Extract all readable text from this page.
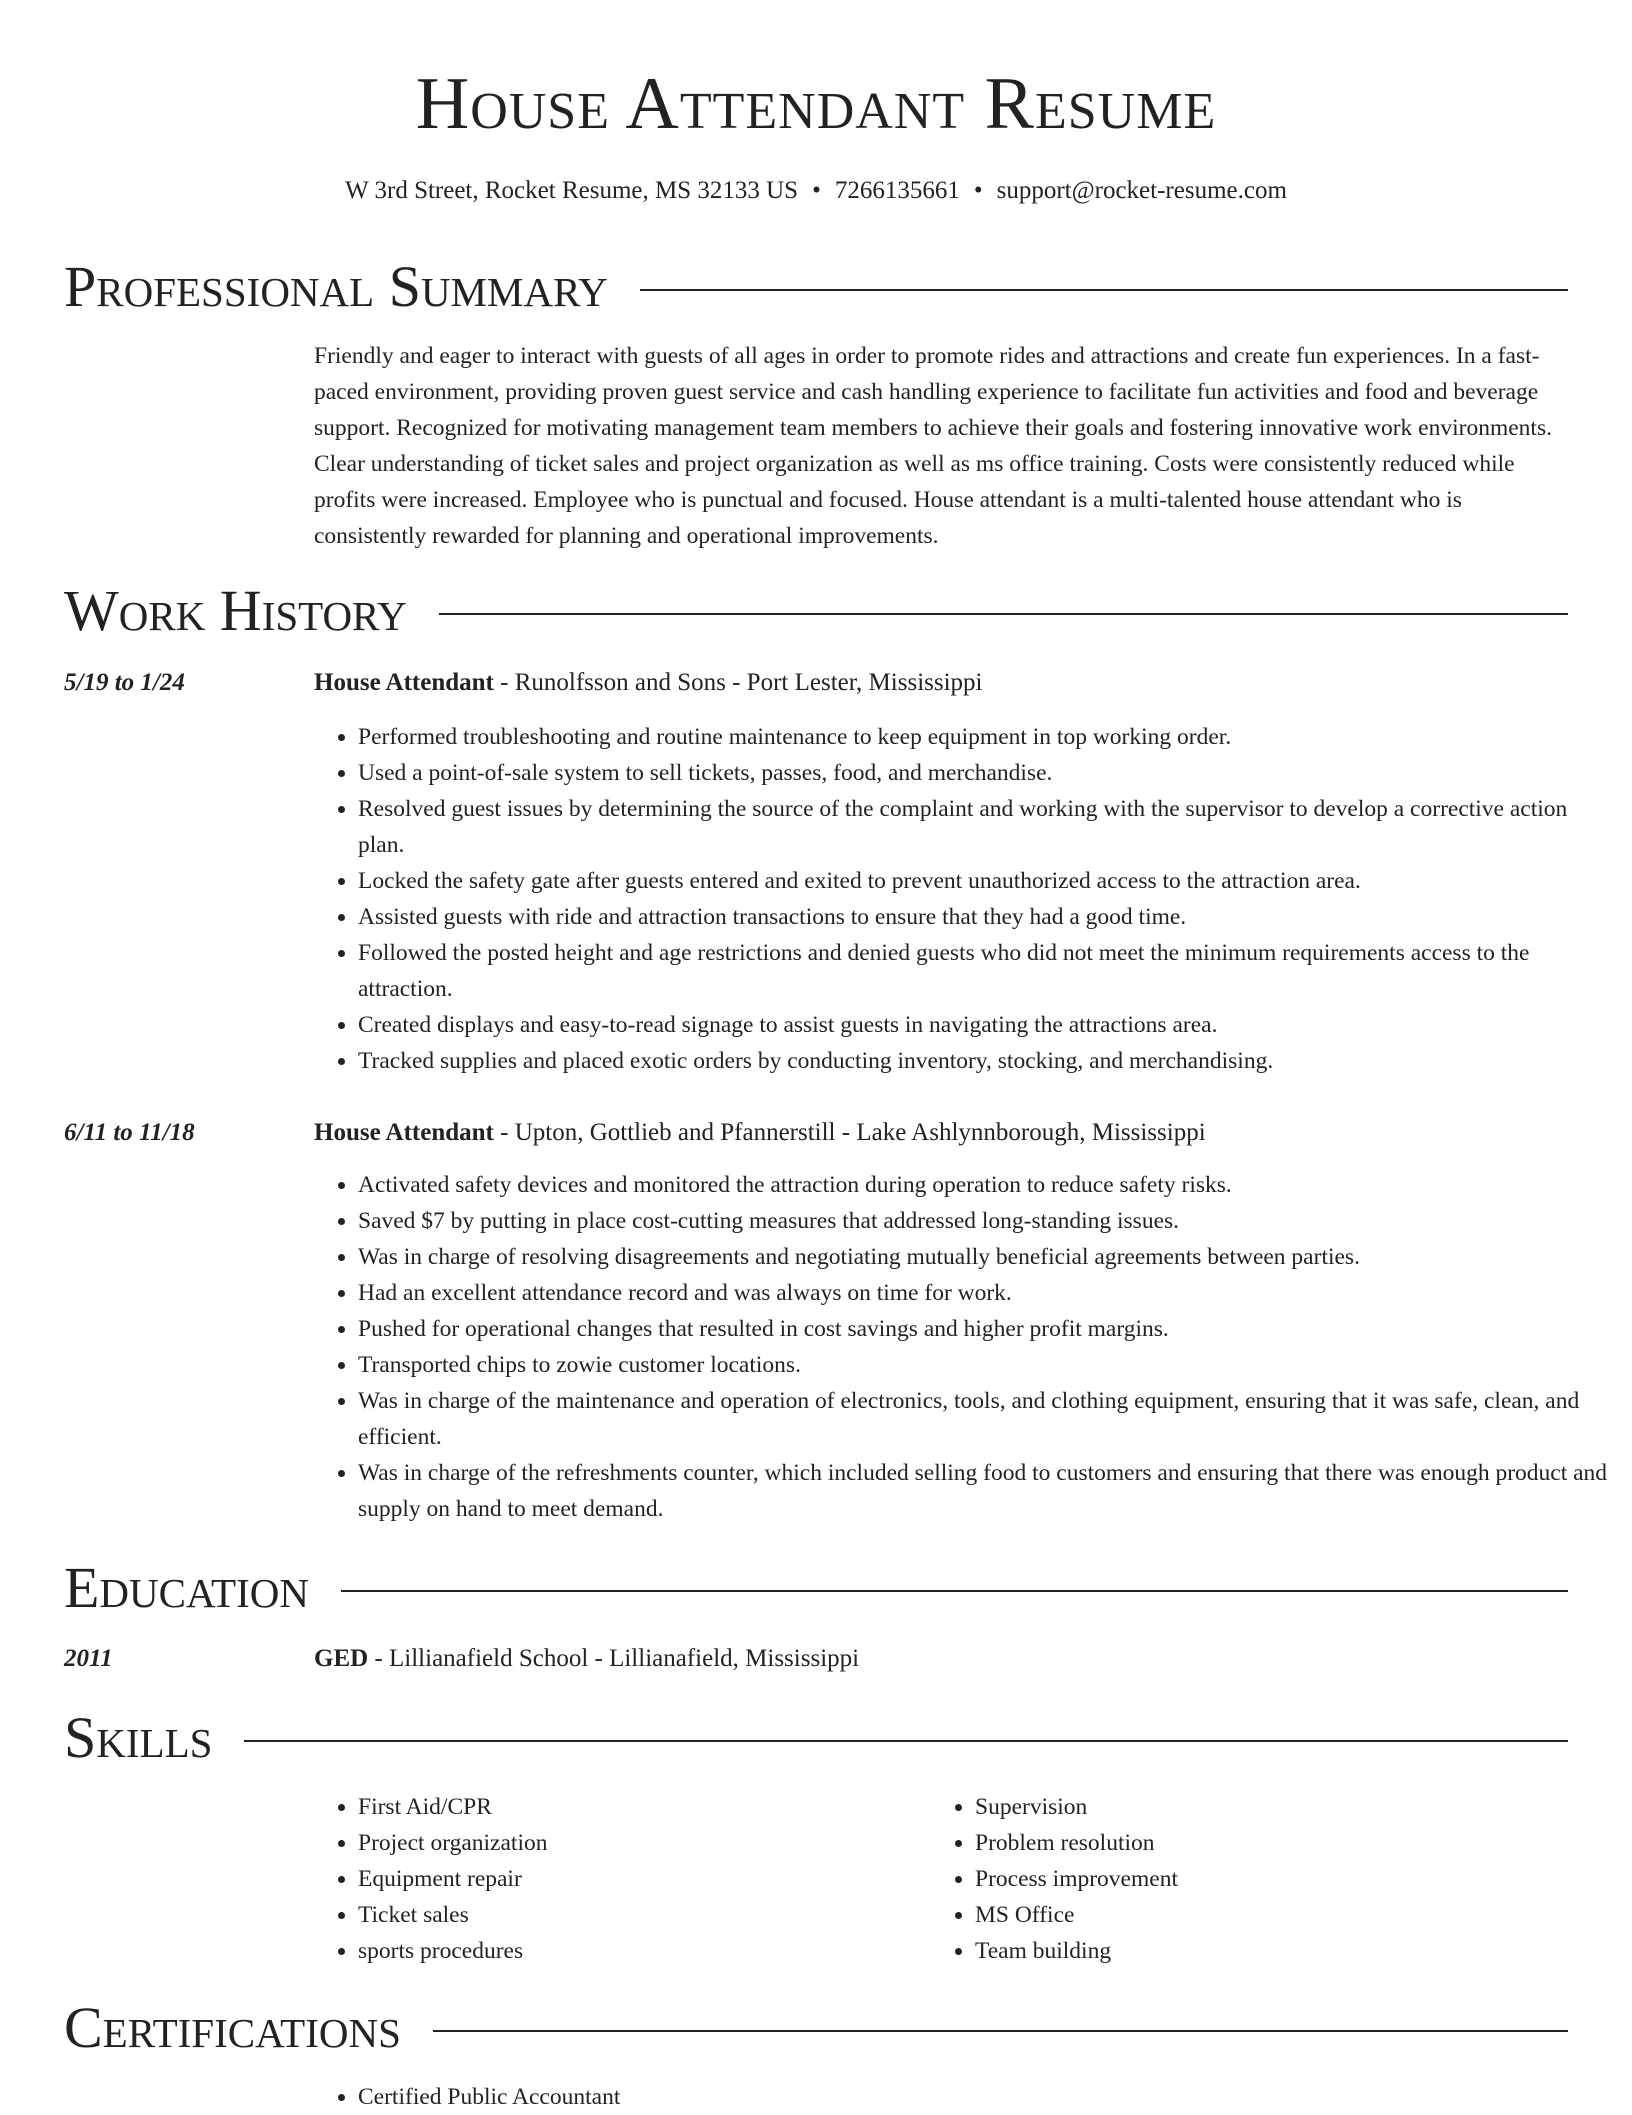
House Attendant Resume
W 3rd Street, Rocket Resume, MS 32133 US • 7266135661 • support@rocket-resume.com
Professional Summary

Friendly and eager to interact with guests of all ages in order to promote rides and attractions and create fun experiences. In a fast-paced environment, providing proven guest service and cash handling experience to facilitate fun activities and food and beverage support. Recognized for motivating management team members to achieve their goals and fostering innovative work environments. Clear understanding of ticket sales and project organization as well as ms office training. Costs were consistently reduced while profits were increased. Employee who is punctual and focused. House attendant is a multi-talented house attendant who is consistently rewarded for planning and operational improvements.

Work History
5/19 to 1/24	House Attendant - Runolfsson and Sons - Port Lester, Mississippi
• Performed troubleshooting and routine maintenance to keep equipment in top working order.
• Used a point-of-sale system to sell tickets, passes, food, and merchandise.
• Resolved guest issues by determining the source of the complaint and working with the supervisor to develop a corrective action plan.
• Locked the safety gate after guests entered and exited to prevent unauthorized access to the attraction area.
• Assisted guests with ride and attraction transactions to ensure that they had a good time.
• Followed the posted height and age restrictions and denied guests who did not meet the minimum requirements access to the attraction.
• Created displays and easy-to-read signage to assist guests in navigating the attractions area.
• Tracked supplies and placed exotic orders by conducting inventory, stocking, and merchandising.
6/11 to 11/18	House Attendant - Upton, Gottlieb and Pfannerstill - Lake Ashlynnborough, Mississippi
• Activated safety devices and monitored the attraction during operation to reduce safety risks.
• Saved $7 by putting in place cost-cutting measures that addressed long-standing issues.
• Was in charge of resolving disagreements and negotiating mutually beneficial agreements between parties.
• Had an excellent attendance record and was always on time for work.
• Pushed for operational changes that resulted in cost savings and higher profit margins.
• Transported chips to zowie customer locations.
• Was in charge of the maintenance and operation of electronics, tools, and clothing equipment, ensuring that it was safe, clean, and efficient.
• Was in charge of the refreshments counter, which included selling food to customers and ensuring that there was enough product and supply on hand to meet demand.
Education
2011	GED - Lillianafield School - Lillianafield, Mississippi
Skills
• First Aid/CPR
• Project organization
• Equipment repair
• Ticket sales
• sports procedures
• Supervision
• Problem resolution
• Process improvement
• MS Office
• Team building
Certifications
• Certified Public Accountant
